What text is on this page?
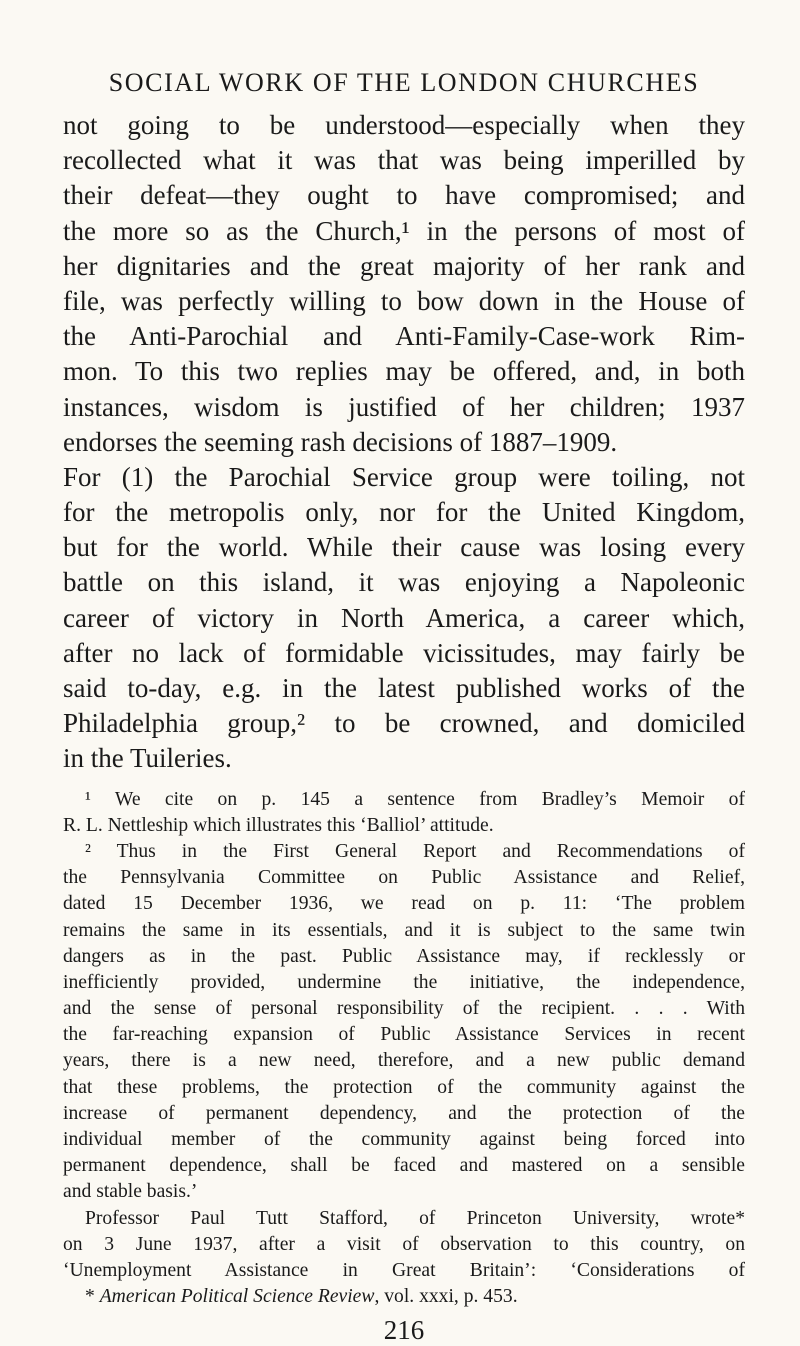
SOCIAL WORK OF THE LONDON CHURCHES
not going to be understood—especially when they
recollected what it was that was being imperilled by
their defeat—they ought to have compromised; and
the more so as the Church,¹ in the persons of most of
her dignitaries and the great majority of her rank and
file, was perfectly willing to bow down in the House of
the Anti-Parochial and Anti-Family-Case-work Rim-
mon. To this two replies may be offered, and, in both
instances, wisdom is justified of her children; 1937
endorses the seeming rash decisions of 1887–1909.
For (1) the Parochial Service group were toiling, not
for the metropolis only, nor for the United Kingdom,
but for the world. While their cause was losing every
battle on this island, it was enjoying a Napoleonic
career of victory in North America, a career which,
after no lack of formidable vicissitudes, may fairly be
said to-day, e.g. in the latest published works of the
Philadelphia group,² to be crowned, and domiciled
in the Tuileries.
¹ We cite on p. 145 a sentence from Bradley’s Memoir of
R. L. Nettleship which illustrates this ‘Balliol’ attitude.
² Thus in the First General Report and Recommendations of
the Pennsylvania Committee on Public Assistance and Relief,
dated 15 December 1936, we read on p. 11: ‘The problem
remains the same in its essentials, and it is subject to the same twin
dangers as in the past. Public Assistance may, if recklessly or
inefficiently provided, undermine the initiative, the independence,
and the sense of personal responsibility of the recipient. . . . With
the far-reaching expansion of Public Assistance Services in recent
years, there is a new need, therefore, and a new public demand
that these problems, the protection of the community against the
increase of permanent dependency, and the protection of the
individual member of the community against being forced into
permanent dependence, shall be faced and mastered on a sensible
and stable basis.’
Professor Paul Tutt Stafford, of Princeton University, wrote*
on 3 June 1937, after a visit of observation to this country, on
‘Unemployment Assistance in Great Britain’: ‘Considerations of
* American Political Science Review, vol. xxxi, p. 453.
216
